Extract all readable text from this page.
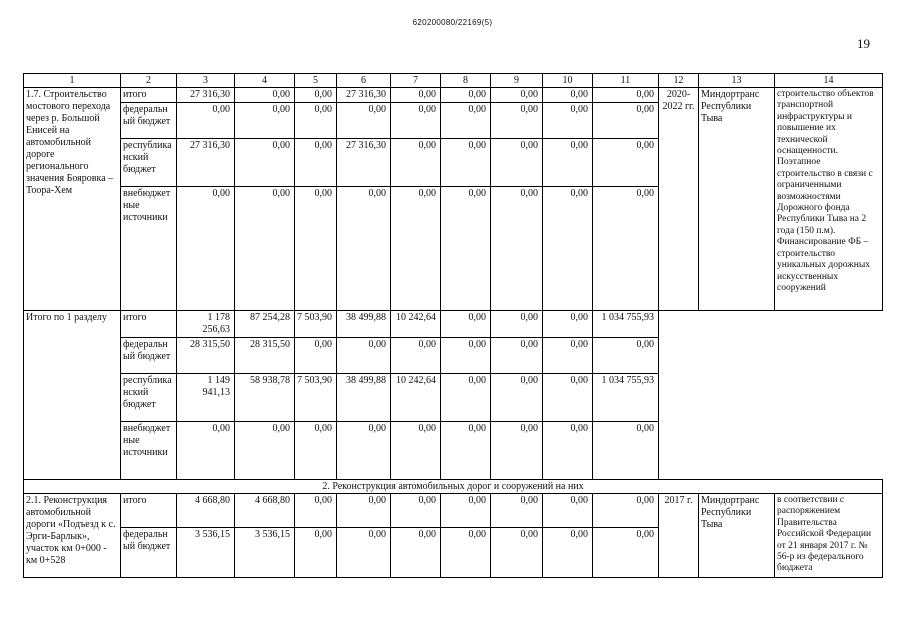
620200080/22169(5)
19
1	2	3	4	5	6	7	8	9	10	11	12	13	14
1.7. Строительство мостового перехода через р. Большой Енисей на автомобильной дороге регионального значения Бояровка – Тоора-Хем	итого	27 316,30	0,00	0,00	27 316,30	0,00	0,00	0,00	0,00	0,00	2020-2022 гг.	Миндортранс Республики Тыва	строительство объектов транспортной инфраструктуры и повышение их технической оснащенности. Поэтапное строительство в связи с ограниченными возможностями Дорожного фонда Республики Тыва на 2 года (150 п.м). Финансирование ФБ – строительство уникальных дорожных искусственных сооружений
	федеральный бюджет	0,00	0,00	0,00	0,00	0,00	0,00	0,00	0,00	0,00			
	республиканский бюджет	27 316,30	0,00	0,00	27 316,30	0,00	0,00	0,00	0,00	0,00			
	внебюджетные источники	0,00	0,00	0,00	0,00	0,00	0,00	0,00	0,00	0,00			
Итого по 1 разделу	итого	1 178 256,63	87 254,28	7 503,90	38 499,88	10 242,64	0,00	0,00	0,00	1 034 755,93			
	федеральный бюджет	28 315,50	28 315,50	0,00	0,00	0,00	0,00	0,00	0,00	0,00			
	республиканский бюджет	1 149 941,13	58 938,78	7 503,90	38 499,88	10 242,64	0,00	0,00	0,00	1 034 755,93			
	внебюджетные источники	0,00	0,00	0,00	0,00	0,00	0,00	0,00	0,00	0,00			
2. Реконструкция автомобильных дорог и сооружений на них													
2.1. Реконструкция автомобильной дороги «Подъезд к с. Эрги-Барлык», участок км 0+000 - км 0+528	итого	4 668,80	4 668,80	0,00	0,00	0,00	0,00	0,00	0,00	0,00	2017 г.	Миндортранс Республики Тыва	в соответствии с распоряжением Правительства Российской Федерации от 21 января 2017 г. № 56-р из федерального бюджета
	федеральный бюджет	3 536,15	3 536,15	0,00	0,00	0,00	0,00	0,00	0,00	0,00			
